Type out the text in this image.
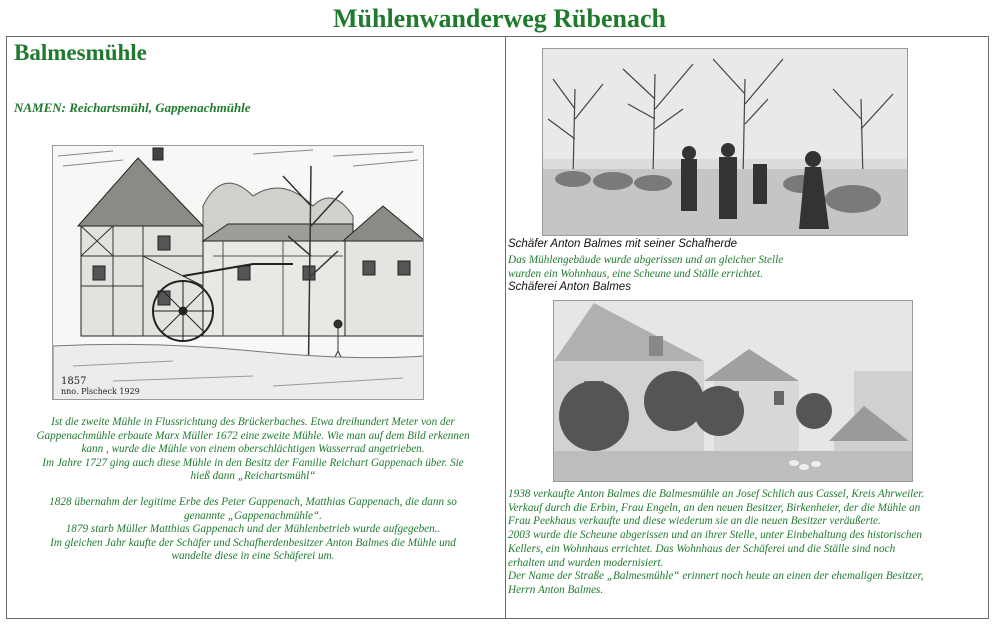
Mühlenwanderweg Rübenach
Balmesmühle
NAMEN: Reichartsmühl, Gappenachmühle
1857
nno. Plscheck 1929
Schäfer Anton Balmes mit seiner Schafherde

Das Mühlengebäude wurde abgerissen und an gleicher Stelle

wurden ein Wohnhaus, eine Scheune und Ställe errichtet.

Schäferei Anton Balmes

Ist die zweite Mühle in Flussrichtung des Brückerbaches. Etwa dreihundert Meter von der

Gappenachmühle erbaute Marx Müller 1672 eine zweite Mühle. Wie man auf dem Bild erkennen

kann , wurde die Mühle von einem oberschlächtigen Wasserrad angetrieben.

Im Jahre 1727 ging auch diese Mühle in den Besitz der Familie Reichart Gappenach über. Sie

hieß dann „Reichartsmühl“

1828 übernahm der legitime Erbe des Peter Gappenach, Matthias Gappenach, die dann so

genannte „Gappenachmühle“.

1879 starb Müller Matthias Gappenach und der Mühlenbetrieb wurde aufgegeben..

Im gleichen Jahr kaufte der Schäfer und Schafherdenbesitzer Anton Balmes die Mühle und

wandelte diese in eine Schäferei um.

1938 verkaufte Anton Balmes die Balmesmühle an Josef Schlich aus Cassel, Kreis Ahrweiler.

Verkauf durch die Erbin, Frau Engeln, an den neuen Besitzer, Birkenheier, der die Mühle an

Frau Peekhaus verkaufte und diese wiederum sie an die neuen Besitzer veräußerte.

2003 wurde die Scheune abgerissen und an ihrer Stelle, unter Einbehaltung des historischen

Kellers, ein Wohnhaus errichtet. Das Wohnhaus der Schäferei und die Ställe sind noch

erhalten und wurden modernisiert.

Der Name der Straße „Balmesmühle“ erinnert noch heute an einen der ehemaligen Besitzer,

Herrn Anton Balmes.
